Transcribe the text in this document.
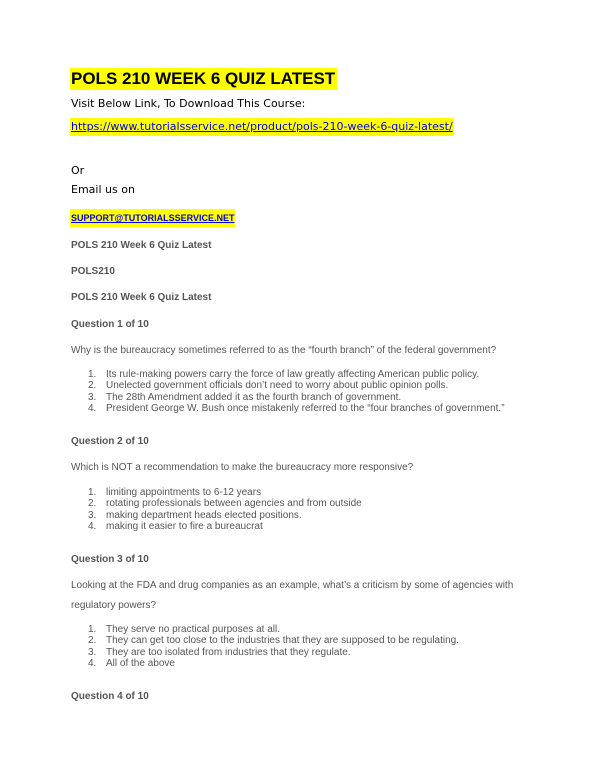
POLS 210 WEEK 6 QUIZ LATEST
Visit Below Link, To Download This Course:
https://www.tutorialsservice.net/product/pols-210-week-6-quiz-latest/
Or
Email us on
SUPPORT@TUTORIALSSERVICE.NET
POLS 210 Week 6 Quiz Latest
POLS210
POLS 210 Week 6 Quiz Latest
Question 1 of 10
Why is the bureaucracy sometimes referred to as the “fourth branch” of the federal government?
1. Its rule-making powers carry the force of law greatly affecting American public policy.
2. Unelected government officials don’t need to worry about public opinion polls.
3. The 28th Amendment added it as the fourth branch of government.
4. President George W. Bush once mistakenly referred to the “four branches of government.”
Question 2 of 10
Which is NOT a recommendation to make the bureaucracy more responsive?
1. limiting appointments to 6-12 years
2. rotating professionals between agencies and from outside
3. making department heads elected positions.
4. making it easier to fire a bureaucrat
Question 3 of 10
Looking at the FDA and drug companies as an example, what’s a criticism by some of agencies with
regulatory powers?
1. They serve no practical purposes at all.
2. They can get too close to the industries that they are supposed to be regulating.
3. They are too isolated from industries that they regulate.
4. All of the above
Question 4 of 10
